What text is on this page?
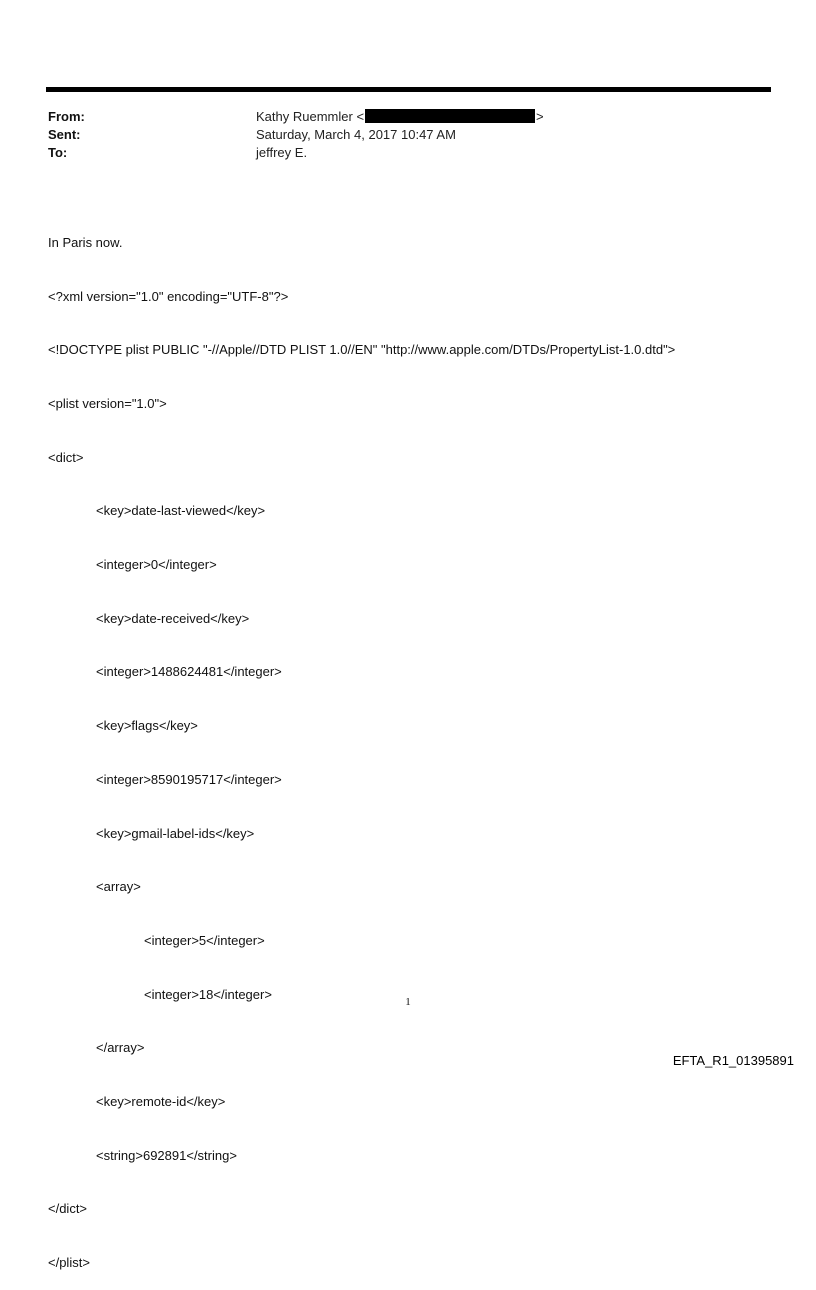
From:	Kathy Ruemmler <	>
Sent:	Saturday, March 4, 2017 10:47 AM
To:	jeffrey E.

In Paris now.

<?xml version="1.0" encoding="UTF-8"?>

<!DOCTYPE plist PUBLIC "-//Apple//DTD PLIST 1.0//EN" "http://www.apple.com/DTDs/PropertyList-1.0.dtd">

<plist version="1.0">

<dict>

<key>date-last-viewed</key>

<integer>0</integer>

<key>date-received</key>

<integer>1488624481</integer>

<key>flags</key>

<integer>8590195717</integer>

<key>gmail-label-ids</key>

<array>

<integer>5</integer>

<integer>18</integer>

</array>

<key>remote-id</key>

<string>692891</string>

</dict>

</plist>

1
EFTA_R1_01395891
